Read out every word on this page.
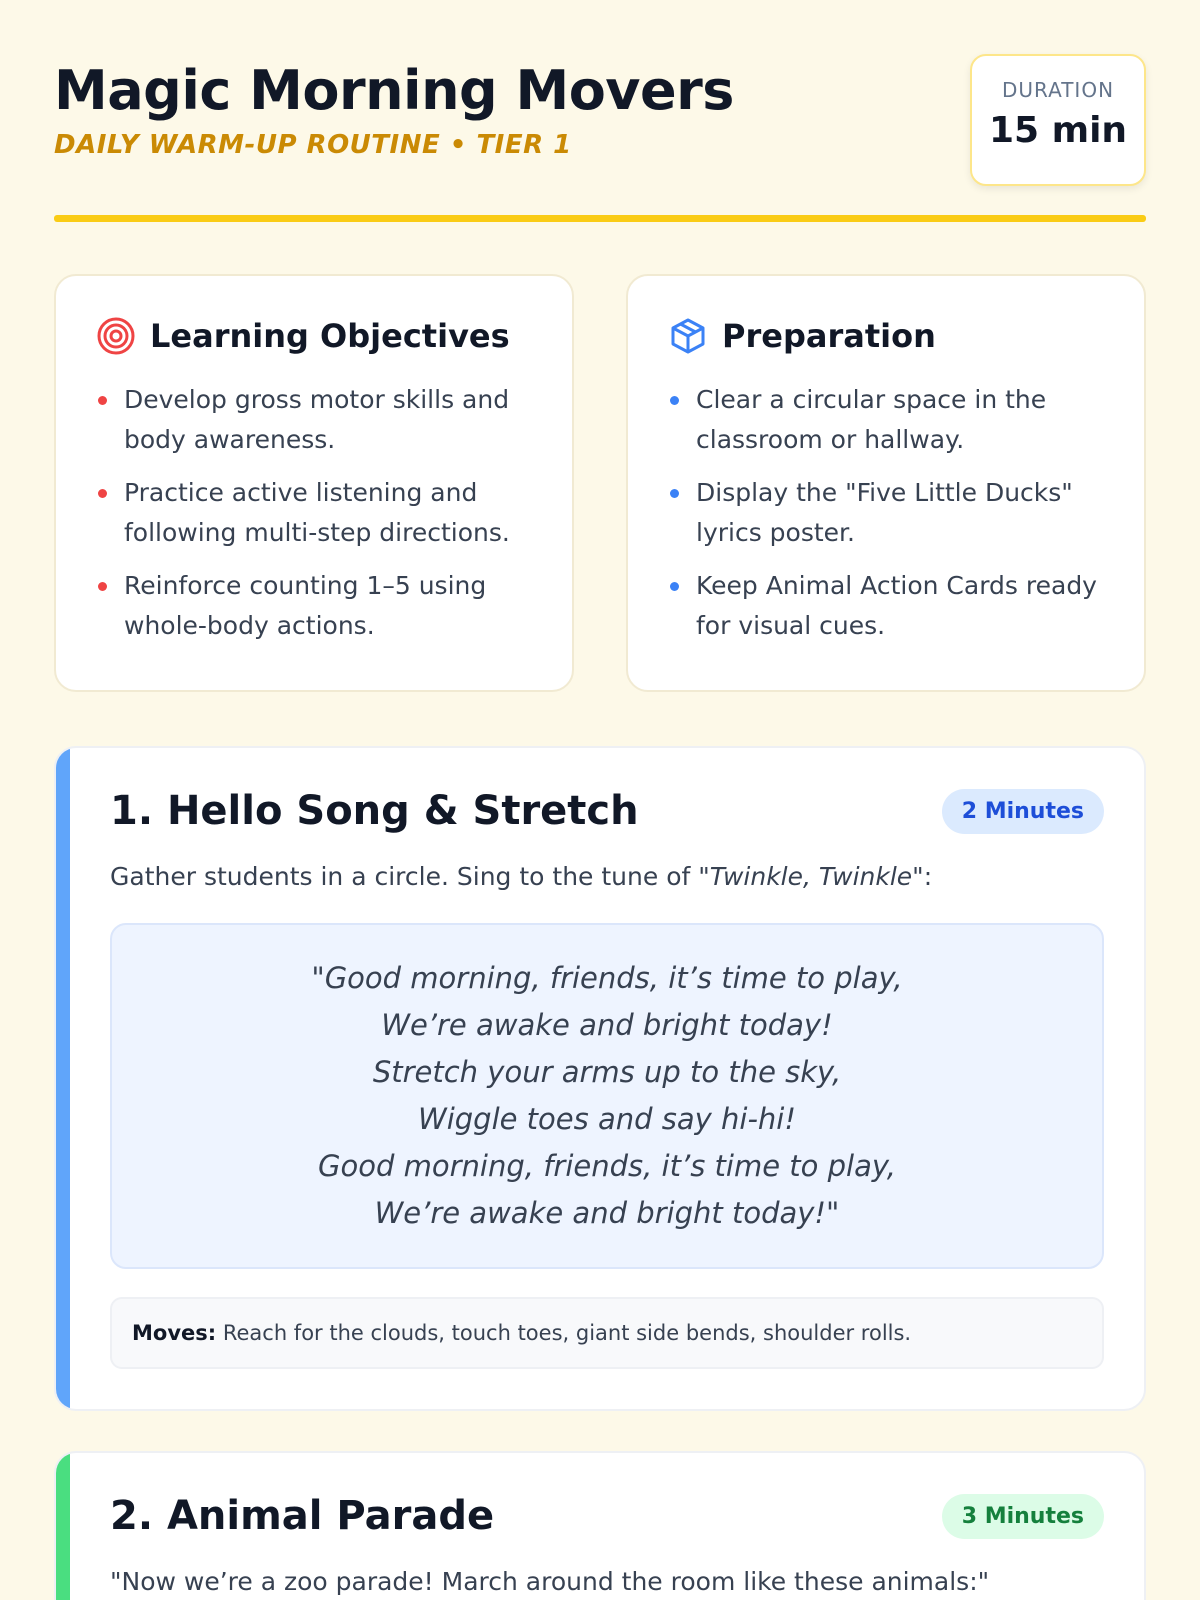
Magic Morning Movers
DAILY WARM-UP ROUTINE • TIER 1
DURATION
15 min
Learning Objectives
Develop gross motor skills and body awareness.
Practice active listening and following multi-step directions.
Reinforce counting 1–5 using whole-body actions.
Preparation
Clear a circular space in the classroom or hallway.
Display the "Five Little Ducks" lyrics poster.
Keep Animal Action Cards ready for visual cues.
1. Hello Song & Stretch	2 Minutes

Gather students in a circle. Sing to the tune of "Twinkle, Twinkle":

"Good morning, friends, it’s time to play,
We’re awake and bright today!
Stretch your arms up to the sky,
Wiggle toes and say hi-hi!
Good morning, friends, it’s time to play,
We’re awake and bright today!"
Moves: Reach for the clouds, touch toes, giant side bends, shoulder rolls.
2. Animal Parade	3 Minutes

"Now we’re a zoo parade! March around the room like these animals:"
